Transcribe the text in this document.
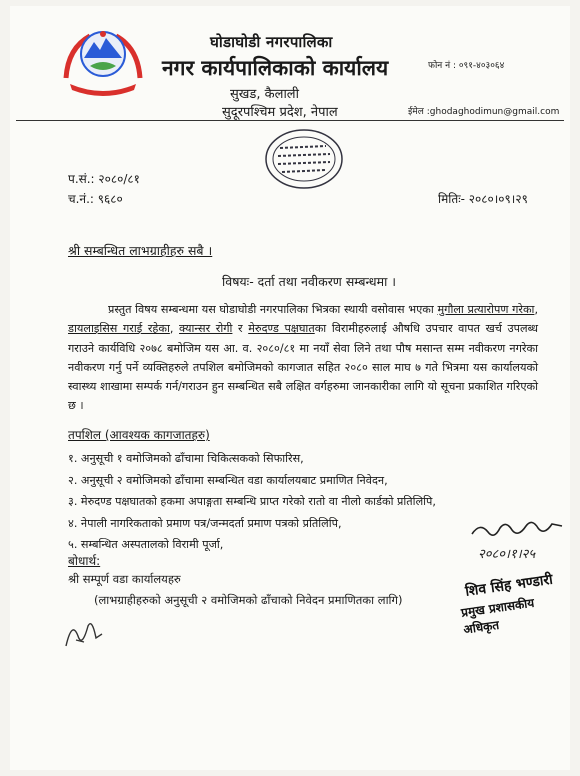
घोडाघोडी नगरपालिका
नगर कार्यपालिकाको कार्यालय
सुखड, कैलाली
सुदूरपश्चिम प्रदेश, नेपाल
फोन नं : ०९१-४०३०६४
ईमेल :ghodaghodimun@gmail.com
प.सं.: २०८०/८१
च.नं.: ९६८०	मितिः- २०८०।०९।२९
श्री सम्बन्धित लाभग्राहीहरु सबै ।
विषयः- दर्ता तथा नवीकरण सम्बन्धमा ।
प्रस्तुत विषय सम्बन्धमा यस घोडाघोडी नगरपालिका भित्रका स्थायी वसोवास भएका मुगौला प्रत्यारोपण गरेका, डायलाइसिस गराई रहेका, क्यान्सर रोगी र मेरुदण्ड पक्षघातका विरामीहरुलाई औषधि उपचार वापत खर्च उपलब्ध गराउने कार्यविधि २०७८ बमोजिम यस आ. व. २०८०/८१ मा नयाँ सेवा लिने तथा पौष मसान्त सम्म नवीकरण नगरेका नवीकरण गर्नु पर्ने व्यक्तिहरुले तपशिल बमोजिमको कागजात सहित २०८० साल माघ ७ गते भित्रमा यस कार्यालयको स्वास्थ्य शाखामा सम्पर्क गर्न/गराउन हुन सम्बन्धित सबै लक्षित वर्गहरुमा जानकारीका लागि यो सूचना प्रकाशित गरिएको छ ।
तपशिल (आवश्यक कागजातहरु)
१. अनुसूची १ वमोजिमको ढाँचामा चिकित्सकको सिफारिस,
२. अनुसूची २ वमोजिमको ढाँचामा सम्बन्धित वडा कार्यालयबाट प्रमाणित निवेदन,
३. मेरुदण्ड पक्षघातको हकमा अपाङ्गता सम्बन्धि प्राप्त गरेको रातो वा नीलो कार्डको प्रतिलिपि,
४. नेपाली नागरिकताको प्रमाण पत्र/जन्मदर्ता प्रमाण पत्रको प्रतिलिपि,
५. सम्बन्धित अस्पतालको विरामी पूर्जा,
२०८०।१।२५
बोधार्थ:
श्री सम्पूर्ण वडा कार्यालयहरु
(लाभग्राहीहरुको अनुसूची २ वमोजिमको ढाँचाको निवेदन प्रमाणितका लागि)
शिव सिंह भण्डारी
प्रमुख प्रशासकीय अधिकृत
